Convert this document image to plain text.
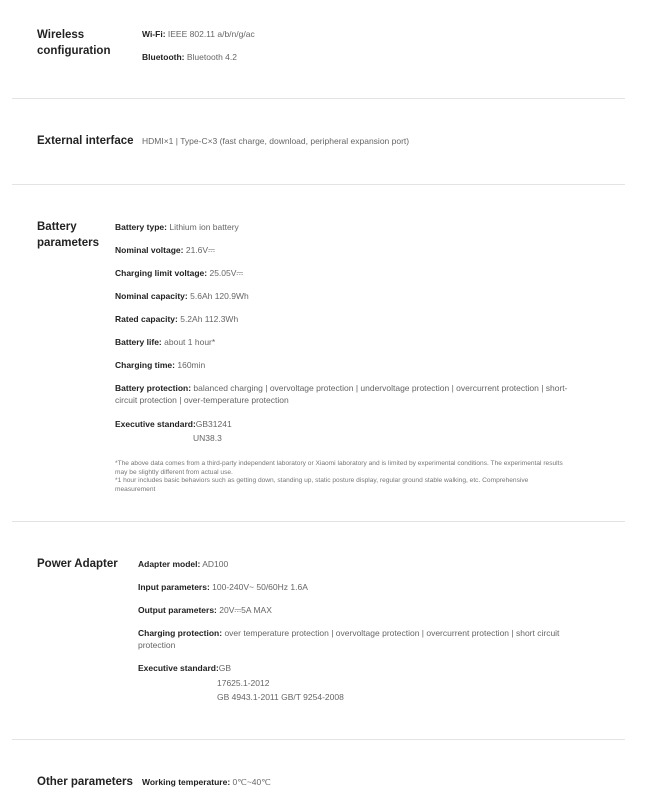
Wireless
configuration
Wi-Fi: IEEE 802.11 a/b/n/g/ac
Bluetooth: Bluetooth 4.2
External interface HDMI×1 | Type-C×3 (fast charge, download, peripheral expansion port)
Battery
parameters
Battery type: Lithium ion battery
Nominal voltage: 21.6V⎓
Charging limit voltage: 25.05V⎓
Nominal capacity: 5.6Ah 120.9Wh
Rated capacity: 5.2Ah 112.3Wh
Battery life: about 1 hour*
Charging time: 160min
Battery protection: balanced charging | overvoltage protection | undervoltage protection | overcurrent protection | short-
circuit protection | over-temperature protection
Executive standard:GB31241
UN38.3
*The above data comes from a third-party independent laboratory or Xiaomi laboratory and is limited by experimental conditions. The experimental results
may be slightly different from actual use.
*1 hour includes basic behaviors such as getting down, standing up, static posture display, regular ground stable walking, etc. Comprehensive
measurement
Power Adapter Adapter model: AD100
Input parameters: 100-240V~ 50/60Hz 1.6A
Output parameters: 20V⎓5A MAX
Charging protection: over temperature protection | overvoltage protection | overcurrent protection | short circuit
protection
Executive standard:GB
17625.1-2012
GB 4943.1-2011 GB/T 9254-2008
Other parameters Working temperature: 0℃~40℃
